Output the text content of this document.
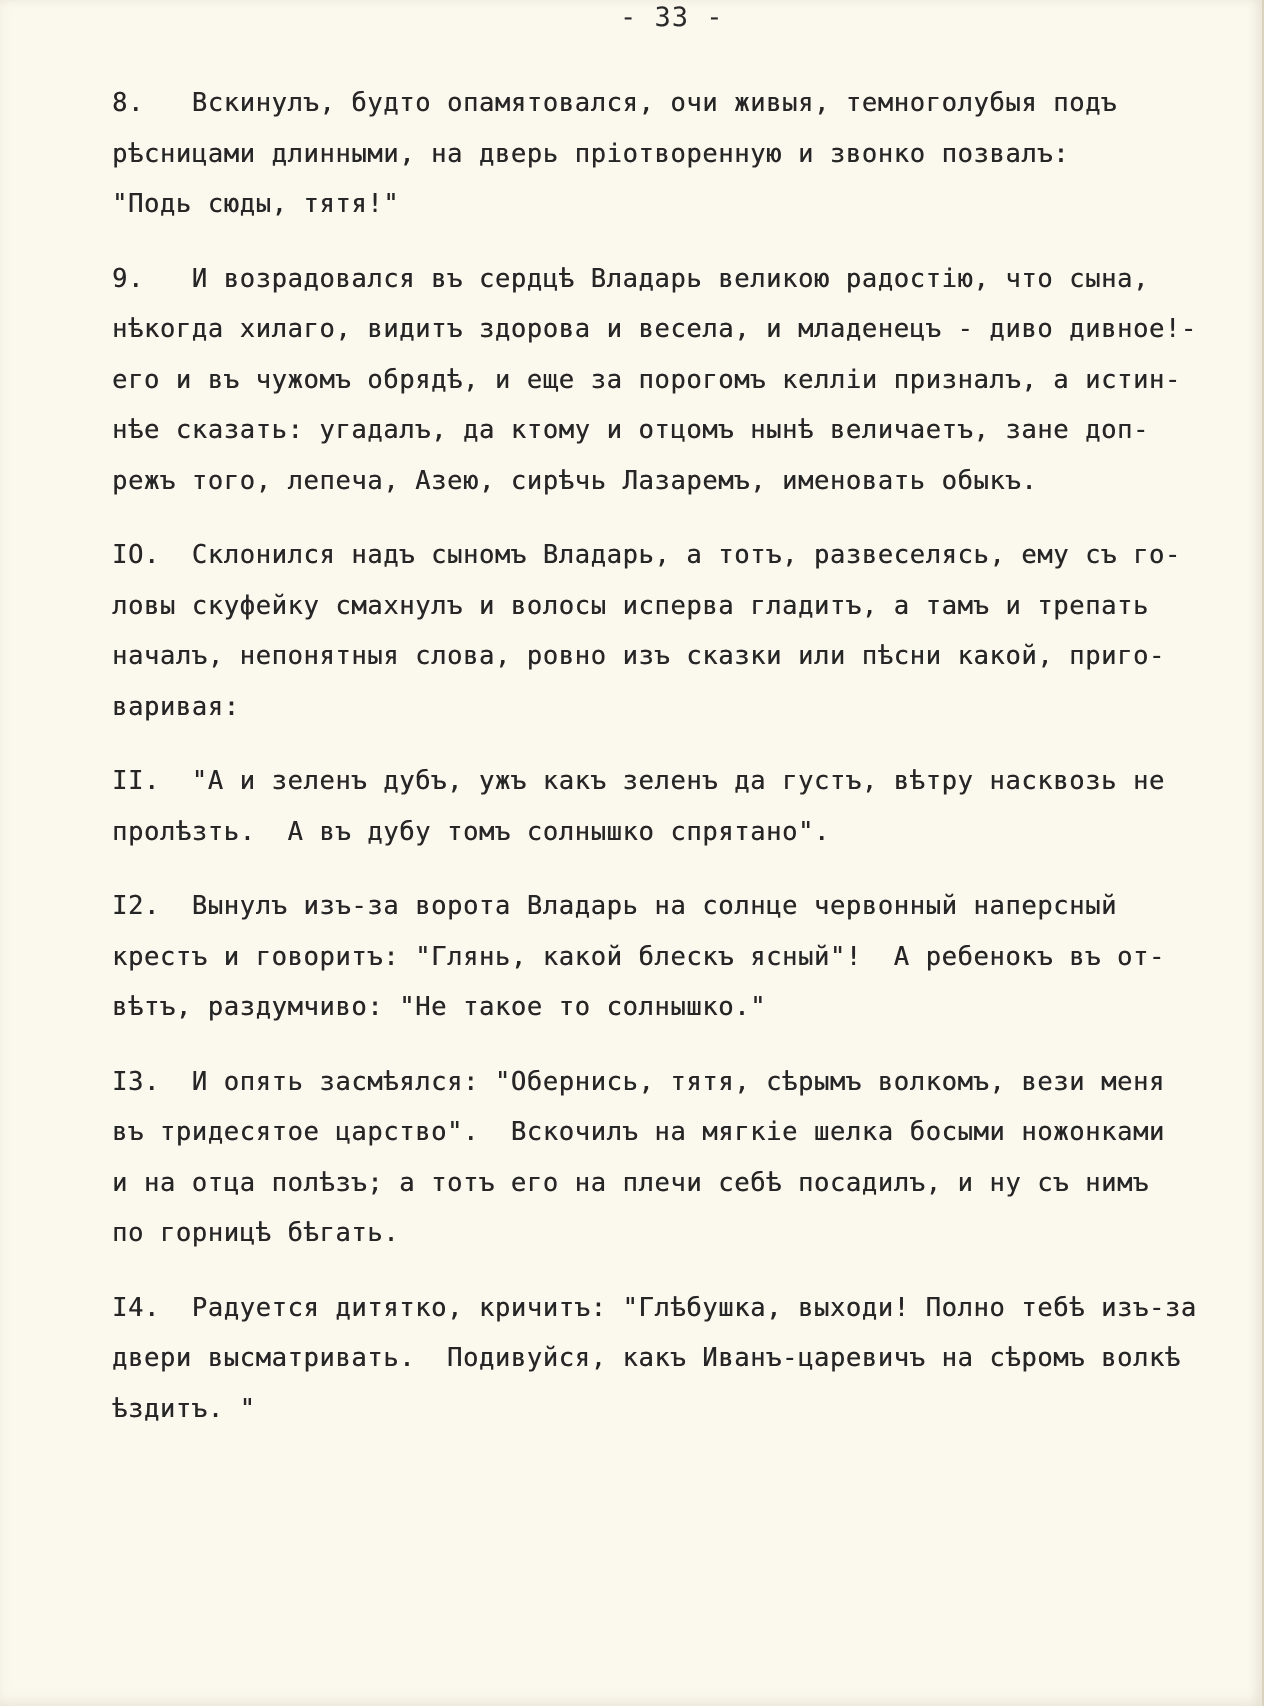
- 33 -
8.   Вскинулъ, будто опамятовался, очи живыя, темноголубыя подъ
рѣсницами длинными, на дверь пріотворенную и звонко позвалъ:
"Подь сюды, тятя!"
9.   И возрадовался въ сердцѣ Владарь великою радостію, что сына,
нѣкогда хилаго, видитъ здорова и весела, и младенецъ - диво дивное!-
его и въ чужомъ обрядѣ, и еще за порогомъ келліи призналъ, а истин-
нѣе сказать: угадалъ, да ктому и отцомъ нынѣ величаетъ, зане доп-
режъ того, лепеча, Азею, сирѣчь Лазаремъ, именовать обыкъ.
IO.  Склонился надъ сыномъ Владарь, а тотъ, развеселясь, ему съ го-
ловы скуфейку смахнулъ и волосы исперва гладитъ, а тамъ и трепать
началъ, непонятныя слова, ровно изъ сказки или пѣсни какой, приго-
варивая:
II.  "А и зеленъ дубъ, ужъ какъ зеленъ да густъ, вѣтру насквозь не
пролѣзть.  А въ дубу томъ солнышко спрятано".
I2.  Вынулъ изъ-за ворота Владарь на солнце червонный наперсный
крестъ и говоритъ: "Глянь, какой блескъ ясный"!  А ребенокъ въ от-
вѣтъ, раздумчиво: "Не такое то солнышко."
I3.  И опять засмѣялся: "Обернись, тятя, сѣрымъ волкомъ, вези меня
въ тридесятое царство".  Вскочилъ на мягкіе шелка босыми ножонками
и на отца полѣзъ; а тотъ его на плечи себѣ посадилъ, и ну съ нимъ
по горницѣ бѣгать.
I4.  Радуется дитятко, кричитъ: "Глѣбушка, выходи! Полно тебѣ изъ-за
двери высматривать.  Подивуйся, какъ Иванъ-царевичъ на сѣромъ волкѣ
ѣздитъ. "
